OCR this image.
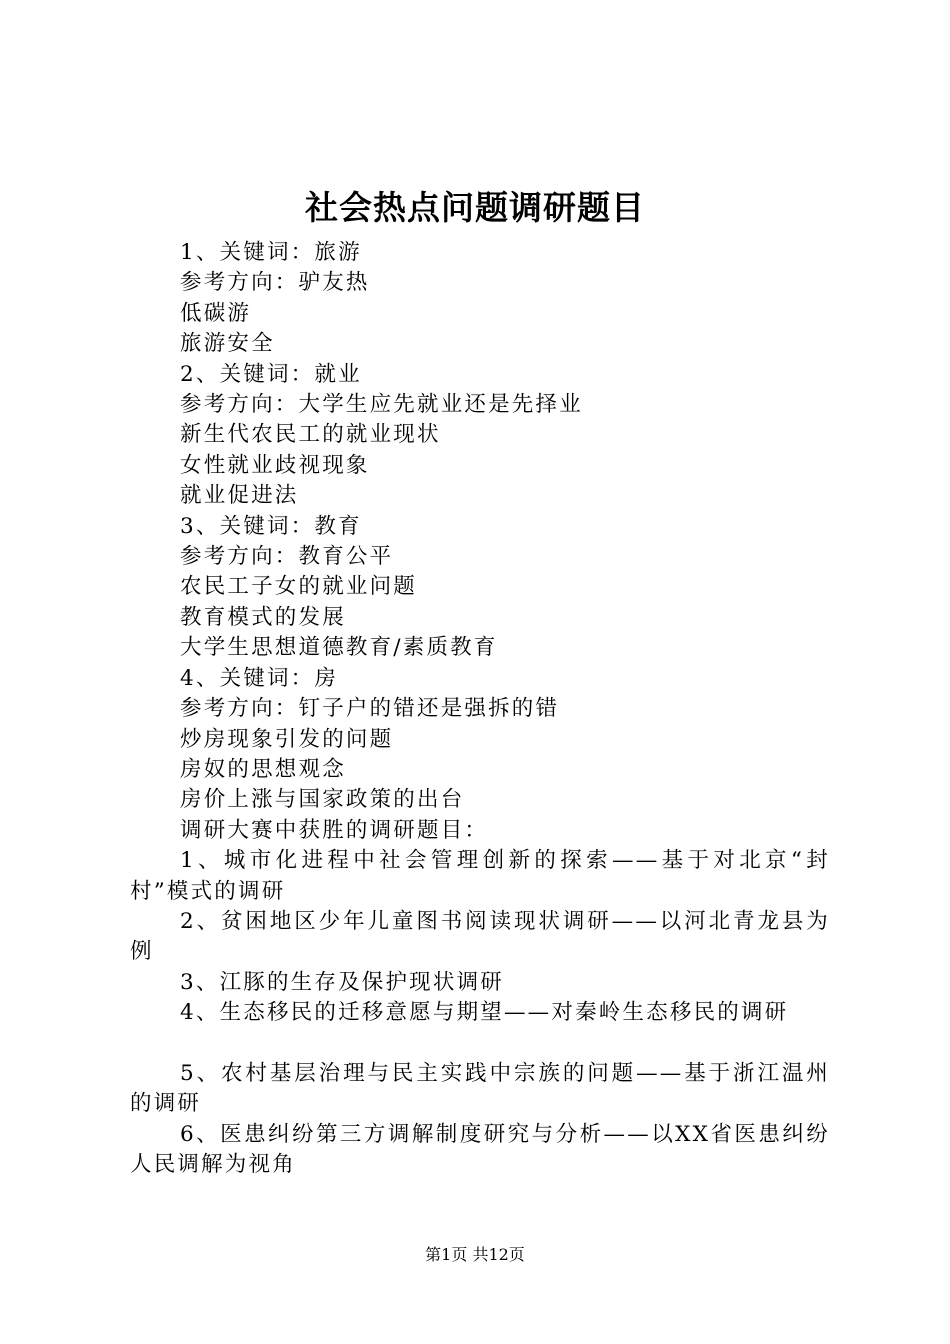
社会热点问题调研题目
1、关键词：旅游
参考方向：驴友热
低碳游
旅游安全
2、关键词：就业
参考方向：大学生应先就业还是先择业
新生代农民工的就业现状
女性就业歧视现象
就业促进法
3、关键词：教育
参考方向：教育公平
农民工子女的就业问题
教育模式的发展
大学生思想道德教育/素质教育
4、关键词：房
参考方向：钉子户的错还是强拆的错
炒房现象引发的问题
房奴的思想观念
房价上涨与国家政策的出台
调研大赛中获胜的调研题目：
1、城市化进程中社会管理创新的探索——基于对北京“封村”模式的调研
2、贫困地区少年儿童图书阅读现状调研——以河北青龙县为例
3、江豚的生存及保护现状调研
4、生态移民的迁移意愿与期望——对秦岭生态移民的调研
5、农村基层治理与民主实践中宗族的问题——基于浙江温州的调研
6、医患纠纷第三方调解制度研究与分析——以XX省医患纠纷人民调解为视角
第1页 共12页
